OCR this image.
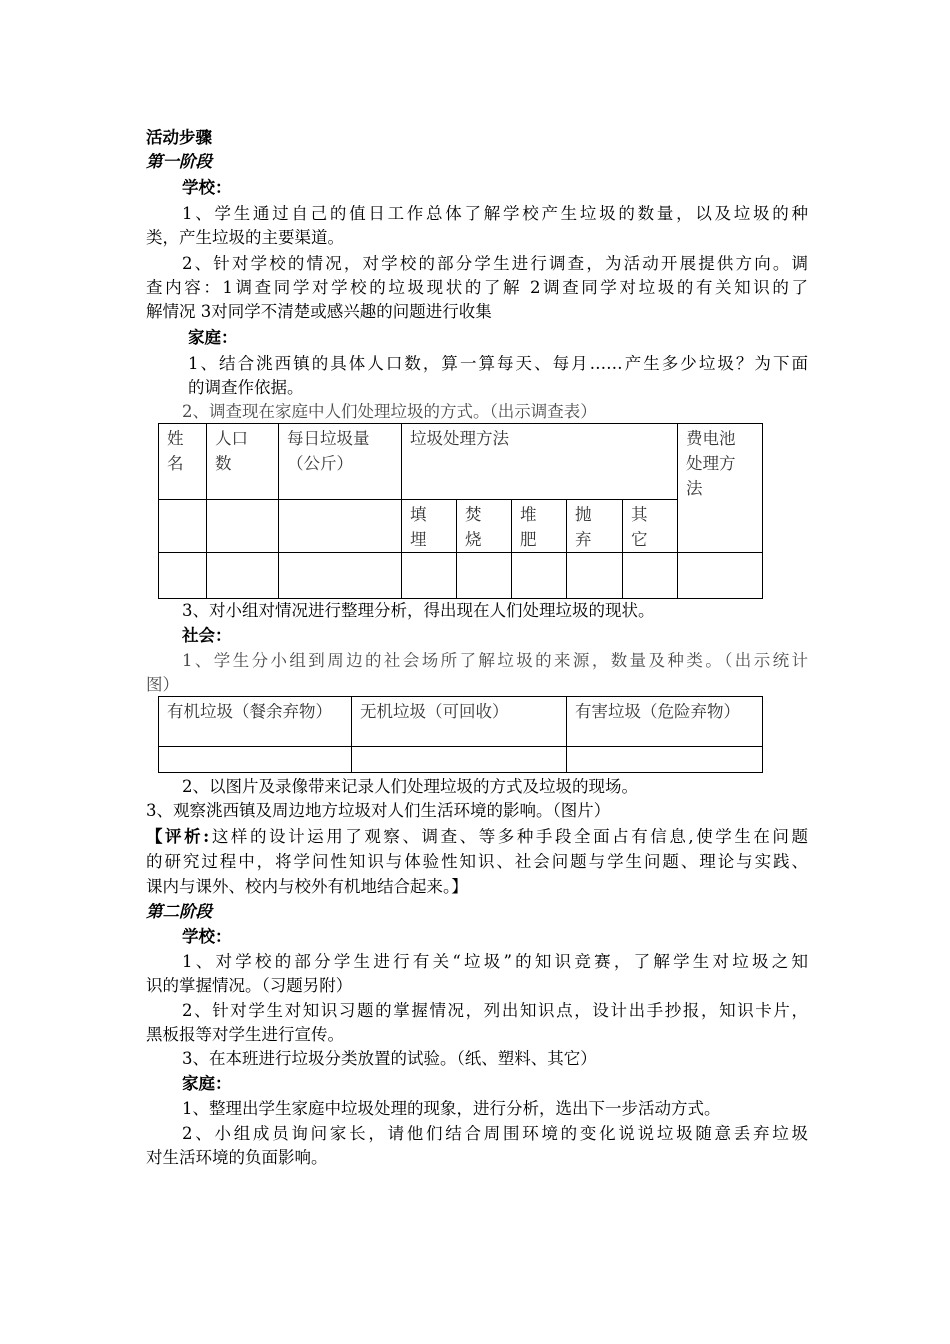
活动步骤
第一阶段
学校：
1、学生通过自己的值日工作总体了解学校产生垃圾的数量，以及垃圾的种
类，产生垃圾的主要渠道。
2、针对学校的情况，对学校的部分学生进行调查，为活动开展提供方向。调
查内容：1调查同学对学校的垃圾现状的了解 2调查同学对垃圾的有关知识的了
解情况 3对同学不清楚或感兴趣的问题进行收集
家庭：
1、结合洮西镇的具体人口数，算一算每天、每月……产生多少垃圾？为下面
的调查作依据。
2、调查现在家庭中人们处理垃圾的方式。（出示调查表）
姓名	人口数	每日垃圾量（公斤）	垃圾处理方法					费电池处理方法
			填埋	焚烧	堆肥	抛弃	其它	

3、对小组对情况进行整理分析，得出现在人们处理垃圾的现状。
社会：
1、学生分小组到周边的社会场所了解垃圾的来源，数量及种类。（出示统计
图）
有机垃圾（餐余弃物）	无机垃圾（可回收）	有害垃圾（危险弃物）

2、以图片及录像带来记录人们处理垃圾的方式及垃圾的现场。
3、观察洮西镇及周边地方垃圾对人们生活环境的影响。（图片）
【评析:这样的设计运用了观察、调查、等多种手段全面占有信息,使学生在问题
的研究过程中，将学问性知识与体验性知识、社会问题与学生问题、理论与实践、
课内与课外、校内与校外有机地结合起来。】
第二阶段
学校：
1、对学校的部分学生进行有关“垃圾”的知识竞赛，了解学生对垃圾之知
识的掌握情况。（习题另附）
2、针对学生对知识习题的掌握情况，列出知识点，设计出手抄报，知识卡片，
黑板报等对学生进行宣传。
3、在本班进行垃圾分类放置的试验。（纸、塑料、其它）
家庭：
1、整理出学生家庭中垃圾处理的现象，进行分析，选出下一步活动方式。
2、小组成员询问家长，请他们结合周围环境的变化说说垃圾随意丢弃垃圾
对生活环境的负面影响。
